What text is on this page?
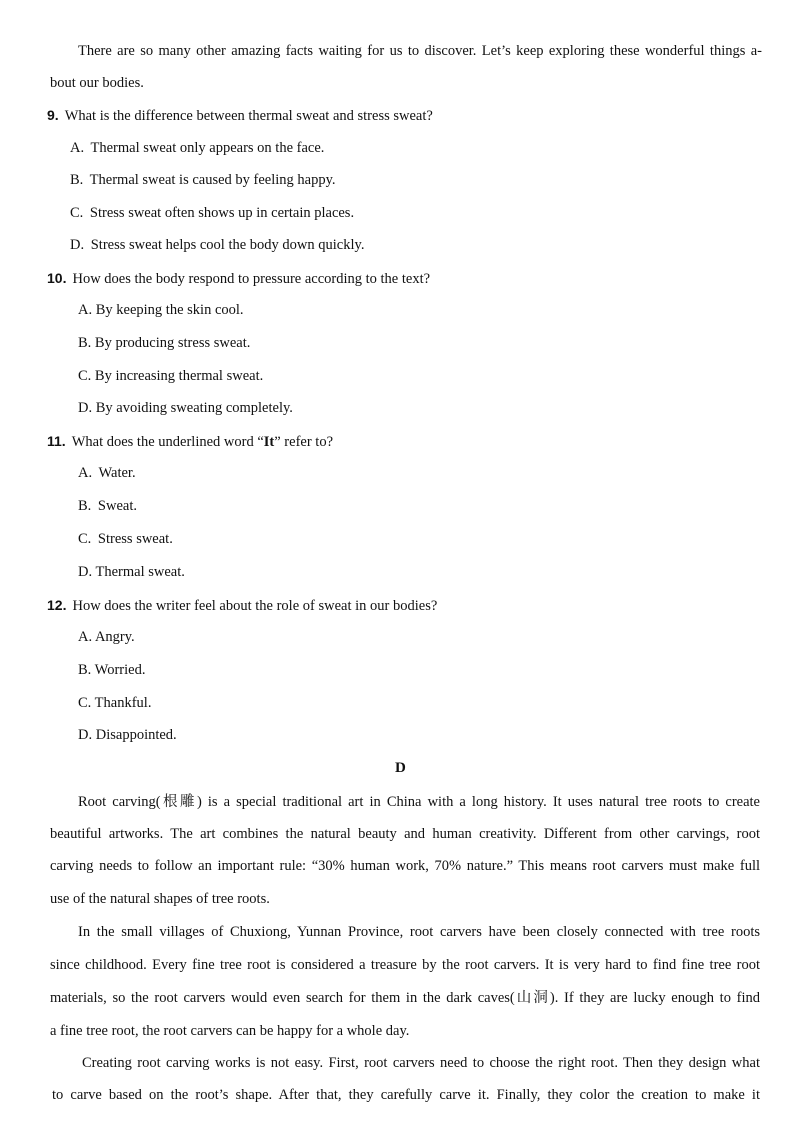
There are so many other amazing facts waiting for us to discover. Let’s keep exploring these wonderful things a-
bout our bodies.
9. What is the difference between thermal sweat and stress sweat?
A. Thermal sweat only appears on the face.
B. Thermal sweat is caused by feeling happy.
C. Stress sweat often shows up in certain places.
D. Stress sweat helps cool the body down quickly.
10. How does the body respond to pressure according to the text?
A. By keeping the skin cool.
B. By producing stress sweat.
C. By increasing thermal sweat.
D. By avoiding sweating completely.
11. What does the underlined word “It” refer to?
A. Water.
B. Sweat.
C. Stress sweat.
D. Thermal sweat.
12. How does the writer feel about the role of sweat in our bodies?
A. Angry.
B. Worried.
C. Thankful.
D. Disappointed.
D
Root carving(根雕) is a special traditional art in China with a long history. It uses natural tree roots to create
beautiful artworks. The art combines the natural beauty and human creativity. Different from other carvings, root
carving needs to follow an important rule: “30% human work, 70% nature.” This means root carvers must make full
use of the natural shapes of tree roots.
In the small villages of Chuxiong, Yunnan Province, root carvers have been closely connected with tree roots
since childhood. Every fine tree root is considered a treasure by the root carvers. It is very hard to find fine tree root
materials, so the root carvers would even search for them in the dark caves(山洞). If they are lucky enough to find
a fine tree root, the root carvers can be happy for a whole day.
Creating root carving works is not easy. First, root carvers need to choose the right root. Then they design what
to carve based on the root’s shape. After that, they carefully carve it. Finally, they color the creation to make it
